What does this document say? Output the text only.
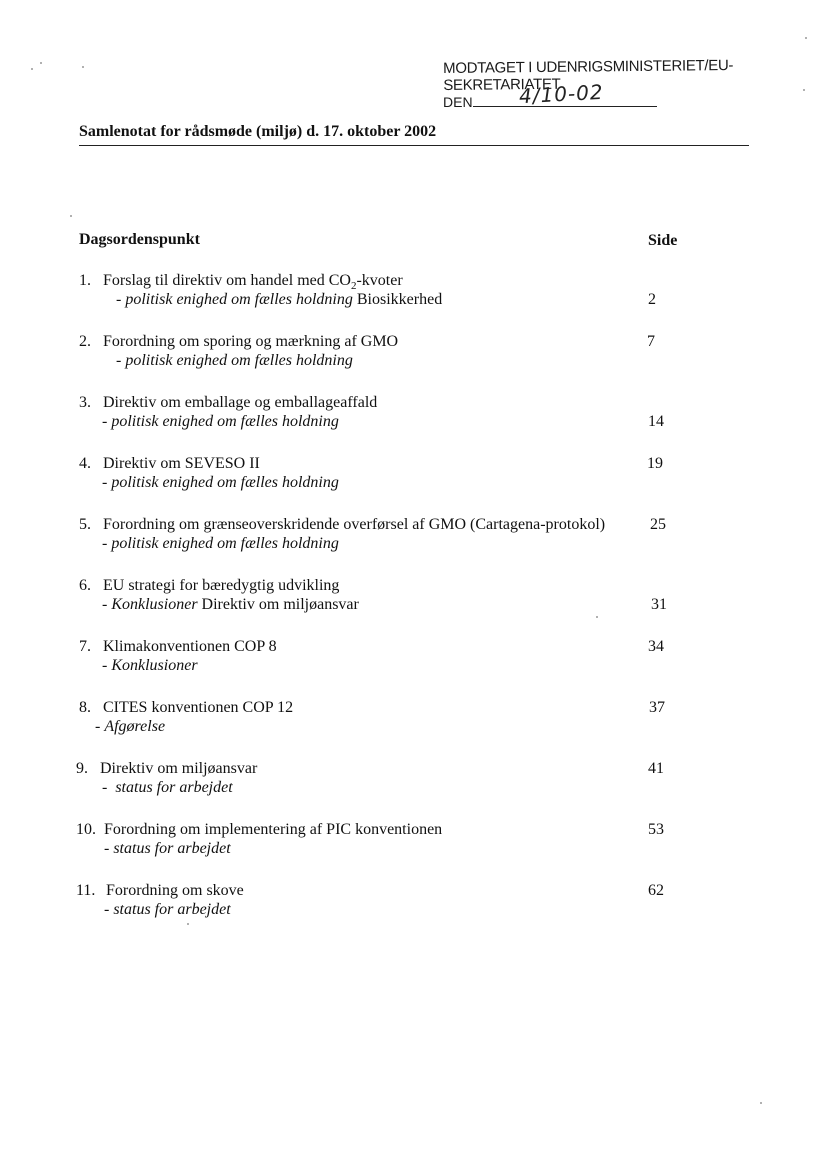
MODTAGET I UDENRIGSMINISTERIET/EU-SEKRETARIATET
DEN 4/10-02
Samlenotat for rådsmøde (miljø) d. 17. oktober 2002
Dagsordenspunkt	Side
1. Forslag til direktiv om handel med $CO_2$-kvoter
- politisk enighed om fælles holdning Biosikkerhed	2
2. Forordning om sporing og mærkning af GMO
- politisk enighed om fælles holdning
7
3. Direktiv om emballage og emballageaffald
- politisk enighed om fælles holdning	14
4. Direktiv om SEVESO II
- politisk enighed om fælles holdning
19
5. Forordning om grænseoverskridende overførsel af GMO (Cartagena-protokol)
- politisk enighed om fælles holdning
25
6. EU strategi for bæredygtig udvikling
- Konklusioner Direktiv om miljøansvar	31
7. Klimakonventionen COP 8
- Konklusioner
34
8. CITES konventionen COP 12
- Afgørelse
37
9. Direktiv om miljøansvar
-  status for arbejdet
41
10. Forordning om implementering af PIC konventionen
- status for arbejdet
53
11. Forordning om skove
- status for arbejdet
62
